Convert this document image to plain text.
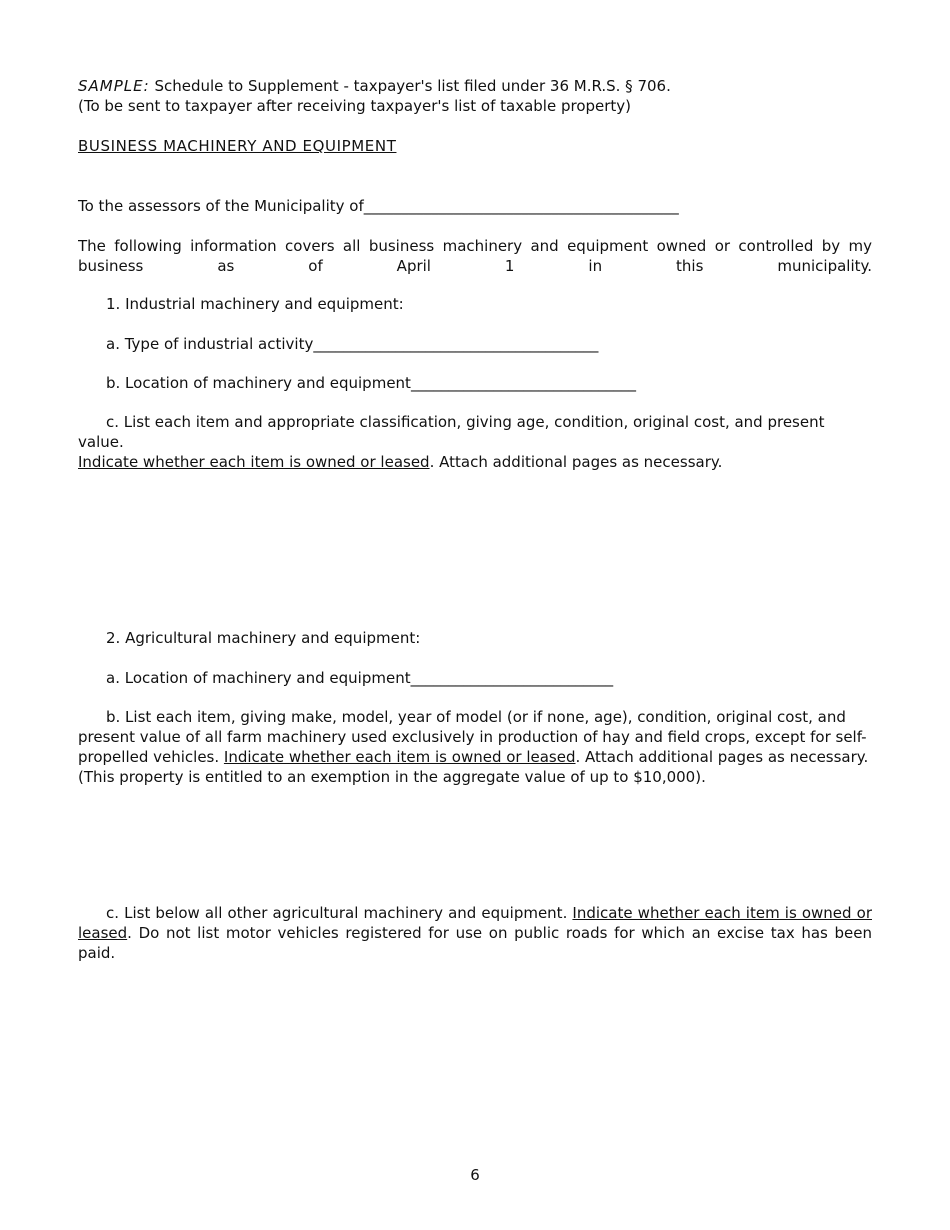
SAMPLE: Schedule to Supplement - taxpayer's list filed under 36 M.R.S. § 706.
(To be sent to taxpayer after receiving taxpayer's list of taxable property)
BUSINESS MACHINERY AND EQUIPMENT
To the assessors of the Municipality of__________________________________________
The following information covers all business machinery and equipment owned or controlled by my business as of April 1 in this municipality.
1. Industrial machinery and equipment:
a. Type of industrial activity______________________________________
b. Location of machinery and equipment______________________________
c. List each item and appropriate classification, giving age, condition, original cost, and present value.
Indicate whether each item is owned or leased. Attach additional pages as necessary.
2. Agricultural machinery and equipment:
a. Location of machinery and equipment___________________________
b. List each item, giving make, model, year of model (or if none, age), condition, original cost, and present value of all farm machinery used exclusively in production of hay and field crops, except for self-propelled vehicles. Indicate whether each item is owned or leased. Attach additional pages as necessary. (This property is entitled to an exemption in the aggregate value of up to $10,000).
c. List below all other agricultural machinery and equipment. Indicate whether each item is owned or leased. Do not list motor vehicles registered for use on public roads for which an excise tax has been paid.
6
